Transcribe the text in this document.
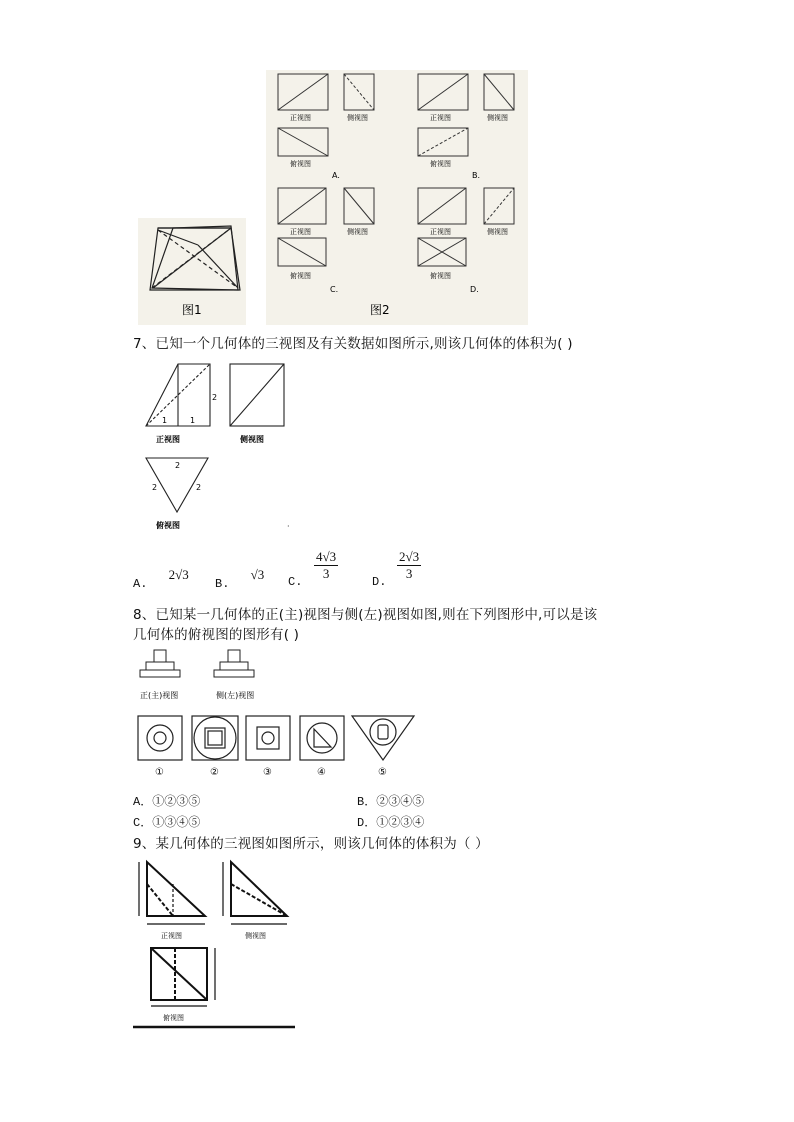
图1
正视图	侧视图
俯视图
A.
正视图	侧视图
俯视图
B.
正视图	侧视图
俯视图
C.
正视图	侧视图
俯视图
D.
图2
7、已知一个几何体的三视图及有关数据如图所示,则该几何体的体积为( )
2
1	1
正视图	侧视图
2
2	2
俯视图	·
A. 2√3
B. √3 C. $\frac{4√3}{3}$	D. $\frac{2√3}{3}$
8、已知某一几何体的正(主)视图与侧(左)视图如图,则在下列图形中,可以是该
几何体的俯视图的图形有( )
正(主)视图	侧(左)视图
①	②	③	④	⑤
A．①②③⑤	B．②③④⑤
C．①③④⑤	D．①②③④
9、某几何体的三视图如图所示，则该几何体的体积为（ ）
正视图	侧视图
俯视图
